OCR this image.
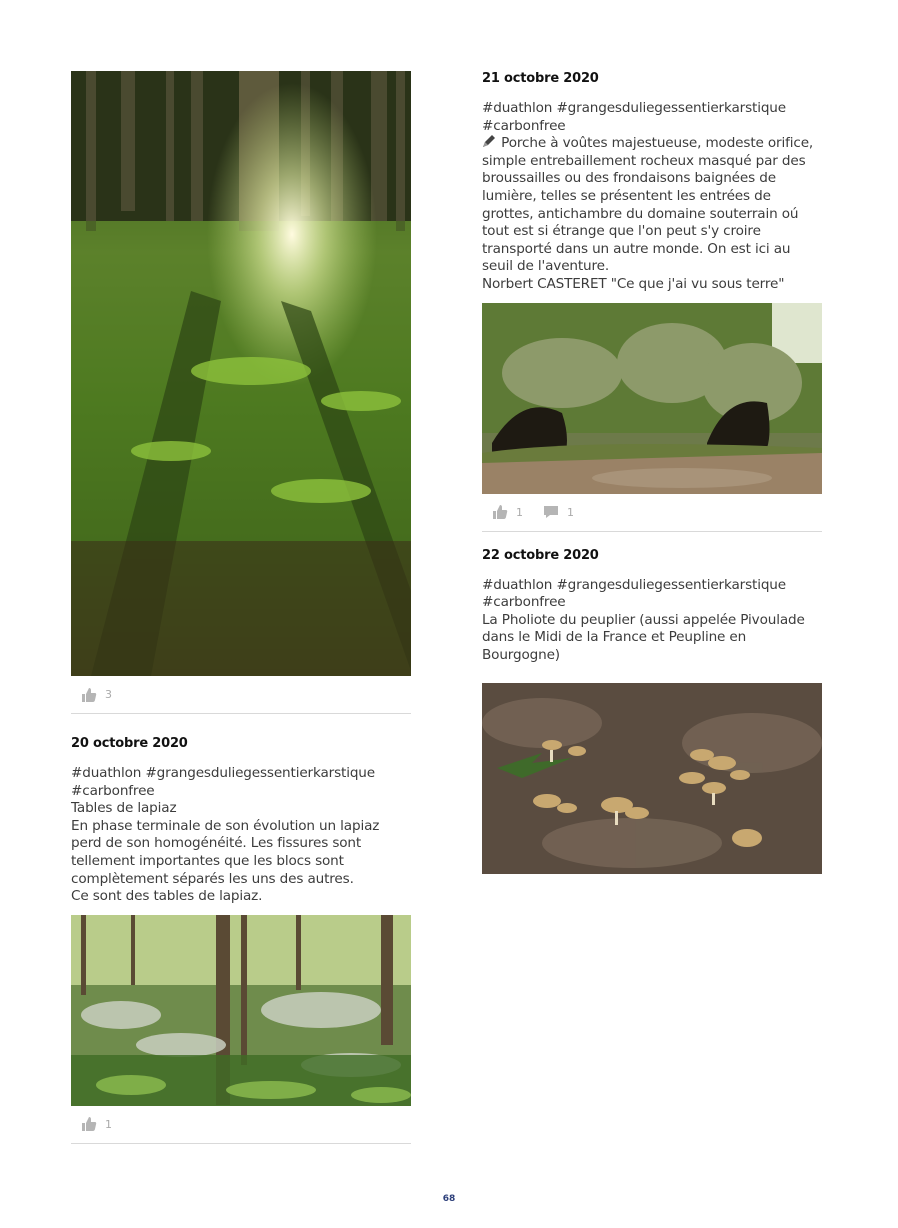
3
20 octobre 2020
#duathlon #grangesduliegessentierkarstique
#carbonfree
Tables de lapiaz
En phase terminale de son évolution un lapiaz
perd de son homogénéité. Les fissures sont
tellement importantes que les blocs sont
complètement séparés les uns des autres.
Ce sont des tables de lapiaz.
1
21 octobre 2020
#duathlon #grangesduliegessentierkarstique
#carbonfree
Porche à voûtes majestueuse, modeste orifice,
simple entrebaillement rocheux masqué par des
broussailles ou des frondaisons baignées de
lumière, telles se présentent les entrées de
grottes, antichambre du domaine souterrain oú
tout est si étrange que l'on peut s'y croire
transporté dans un autre monde. On est ici au
seuil de l'aventure.
Norbert CASTERET "Ce que j'ai vu sous terre"
1	1
22 octobre 2020
#duathlon #grangesduliegessentierkarstique
#carbonfree
La Pholiote du peuplier (aussi appelée Pivoulade
dans le Midi de la France et Peupline en
Bourgogne)
68
